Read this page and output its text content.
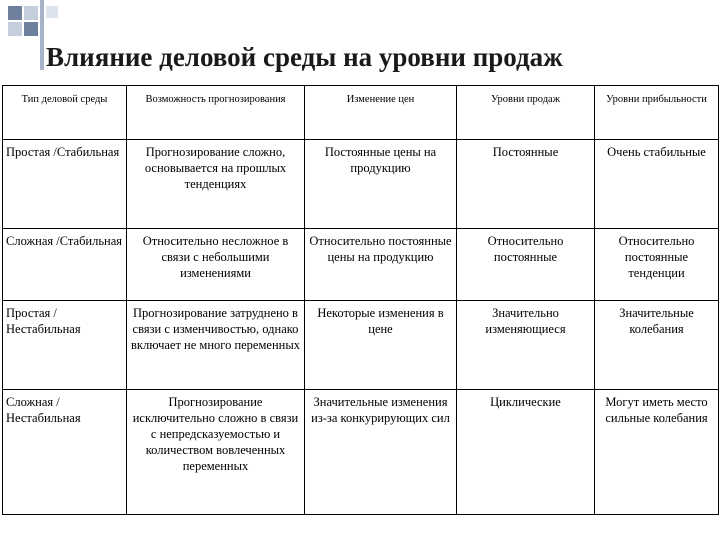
Влияние деловой среды на уровни продаж
Тип деловой среды	Возможность прогнозирования	Изменение цен	Уровни продаж	Уровни прибыльности
Простая /Стабильная	Прогнозирование сложно, основывается на прошлых тенденциях	Постоянные цены на продукцию	Постоянные	Очень стабильные
Сложная /Стабильная	Относительно несложное в связи с небольшими изменениями	Относительно постоянные цены на продукцию	Относительно постоянные	Относительно постоянные тенденции
Простая /Нестабильная	Прогнозирование затруднено в связи с изменчивостью, однако включает не много переменных	Некоторые изменения в цене	Значительно изменяющиеся	Значительные колебания
Сложная /Нестабильная	Прогнозирование исключительно сложно в связи с непредсказуемостью и количеством вовлеченных переменных	Значительные изменения из-за конкурирующих сил	Циклические	Могут иметь место сильные колебания
